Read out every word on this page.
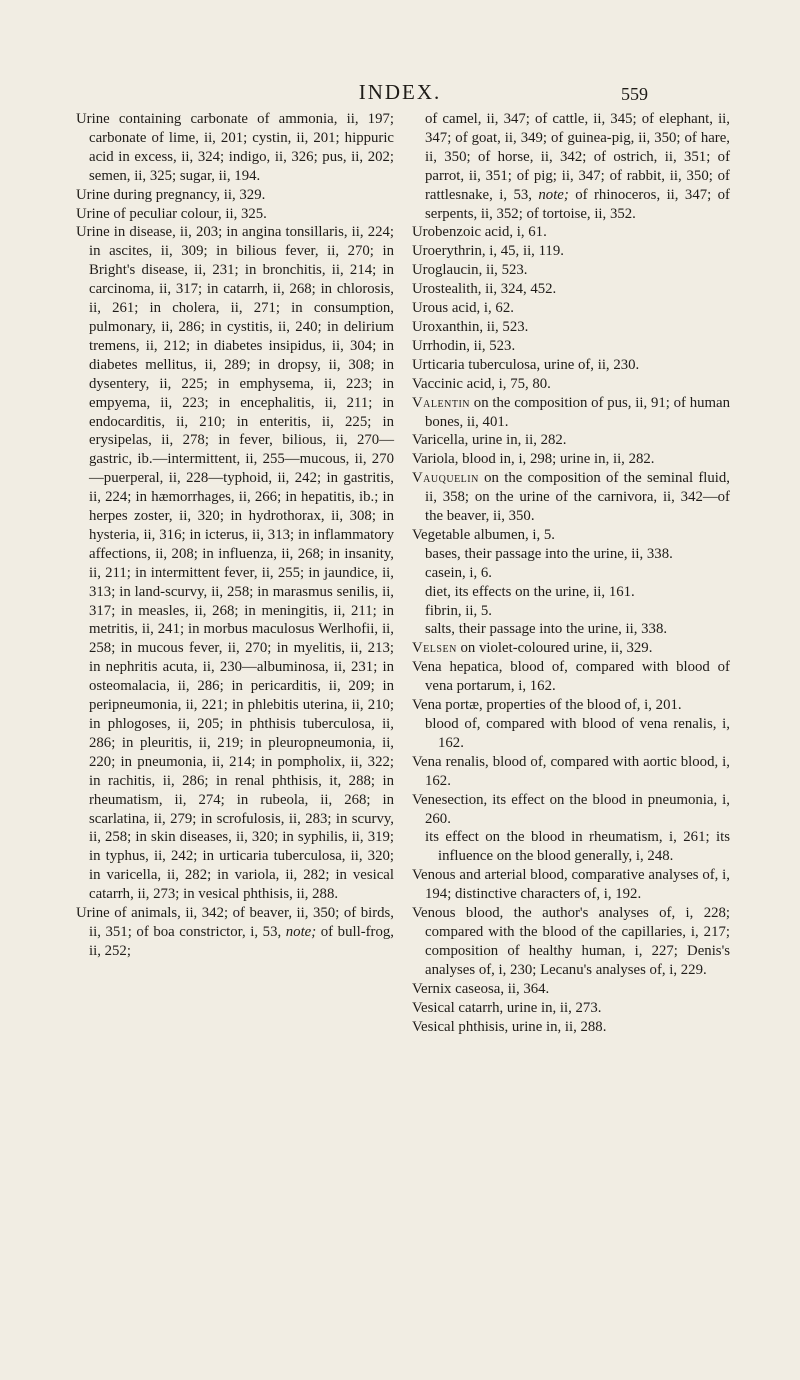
INDEX.	559

Urine containing carbonate of ammonia, ii, 197; carbonate of lime, ii, 201; cystin, ii, 201; hippuric acid in excess, ii, 324; indigo, ii, 326; pus, ii, 202; semen, ii, 325; sugar, ii, 194.

Urine during pregnancy, ii, 329.

Urine of peculiar colour, ii, 325.

Urine in disease, ii, 203; in angina tonsillaris, ii, 224; in ascites, ii, 309; in bilious fever, ii, 270; in Bright's disease, ii, 231; in bronchitis, ii, 214; in carcinoma, ii, 317; in catarrh, ii, 268; in chlorosis, ii, 261; in cholera, ii, 271; in consumption, pulmonary, ii, 286; in cystitis, ii, 240; in delirium tremens, ii, 212; in diabetes insipidus, ii, 304; in diabetes mellitus, ii, 289; in dropsy, ii, 308; in dysentery, ii, 225; in emphysema, ii, 223; in empyema, ii, 223; in encephalitis, ii, 211; in endocarditis, ii, 210; in enteritis, ii, 225; in erysipelas, ii, 278; in fever, bilious, ii, 270—gastric, ib.—intermittent, ii, 255—mucous, ii, 270—puerperal, ii, 228—typhoid, ii, 242; in gastritis, ii, 224; in hæmorrhages, ii, 266; in hepatitis, ib.; in herpes zoster, ii, 320; in hydrothorax, ii, 308; in hysteria, ii, 316; in icterus, ii, 313; in inflammatory affections, ii, 208; in influenza, ii, 268; in insanity, ii, 211; in intermittent fever, ii, 255; in jaundice, ii, 313; in land-scurvy, ii, 258; in marasmus senilis, ii, 317; in measles, ii, 268; in meningitis, ii, 211; in metritis, ii, 241; in morbus maculosus Werlhofii, ii, 258; in mucous fever, ii, 270; in myelitis, ii, 213; in nephritis acuta, ii, 230—albuminosa, ii, 231; in osteomalacia, ii, 286; in pericarditis, ii, 209; in peripneumonia, ii, 221; in phlebitis uterina, ii, 210; in phlogoses, ii, 205; in phthisis tuberculosa, ii, 286; in pleuritis, ii, 219; in pleuropneumonia, ii, 220; in pneumonia, ii, 214; in pompholix, ii, 322; in rachitis, ii, 286; in renal phthisis, it, 288; in rheumatism, ii, 274; in rubeola, ii, 268; in scarlatina, ii, 279; in scrofulosis, ii, 283; in scurvy, ii, 258; in skin diseases, ii, 320; in syphilis, ii, 319; in typhus, ii, 242; in urticaria tuberculosa, ii, 320; in varicella, ii, 282; in variola, ii, 282; in vesical catarrh, ii, 273; in vesical phthisis, ii, 288.

Urine of animals, ii, 342; of beaver, ii, 350; of birds, ii, 351; of boa constrictor, i, 53, note; of bull-frog, ii, 252;

of camel, ii, 347; of cattle, ii, 345; of elephant, ii, 347; of goat, ii, 349; of guinea-pig, ii, 350; of hare, ii, 350; of horse, ii, 342; of ostrich, ii, 351; of parrot, ii, 351; of pig; ii, 347; of rabbit, ii, 350; of rattlesnake, i, 53, note; of rhinoceros, ii, 347; of serpents, ii, 352; of tortoise, ii, 352.

Urobenzoic acid, i, 61.

Uroerythrin, i, 45, ii, 119.

Uroglaucin, ii, 523.

Urostealith, ii, 324, 452.

Urous acid, i, 62.

Uroxanthin, ii, 523.

Urrhodin, ii, 523.

Urticaria tuberculosa, urine of, ii, 230.

Vaccinic acid, i, 75, 80.

Valentin on the composition of pus, ii, 91; of human bones, ii, 401.

Varicella, urine in, ii, 282.

Variola, blood in, i, 298; urine in, ii, 282.

Vauquelin on the composition of the seminal fluid, ii, 358; on the urine of the carnivora, ii, 342—of the beaver, ii, 350.

Vegetable albumen, i, 5.

bases, their passage into the urine, ii, 338.

casein, i, 6.

diet, its effects on the urine, ii, 161.

fibrin, ii, 5.

salts, their passage into the urine, ii, 338.

Velsen on violet-coloured urine, ii, 329.

Vena hepatica, blood of, compared with blood of vena portarum, i, 162.

Vena portæ, properties of the blood of, i, 201.

blood of, compared with blood of vena renalis, i, 162.

Vena renalis, blood of, compared with aortic blood, i, 162.

Venesection, its effect on the blood in pneumonia, i, 260.

its effect on the blood in rheumatism, i, 261; its influence on the blood generally, i, 248.

Venous and arterial blood, comparative analyses of, i, 194; distinctive characters of, i, 192.

Venous blood, the author's analyses of, i, 228; compared with the blood of the capillaries, i, 217; composition of healthy human, i, 227; Denis's analyses of, i, 230; Lecanu's analyses of, i, 229.

Vernix caseosa, ii, 364.

Vesical catarrh, urine in, ii, 273.

Vesical phthisis, urine in, ii, 288.
